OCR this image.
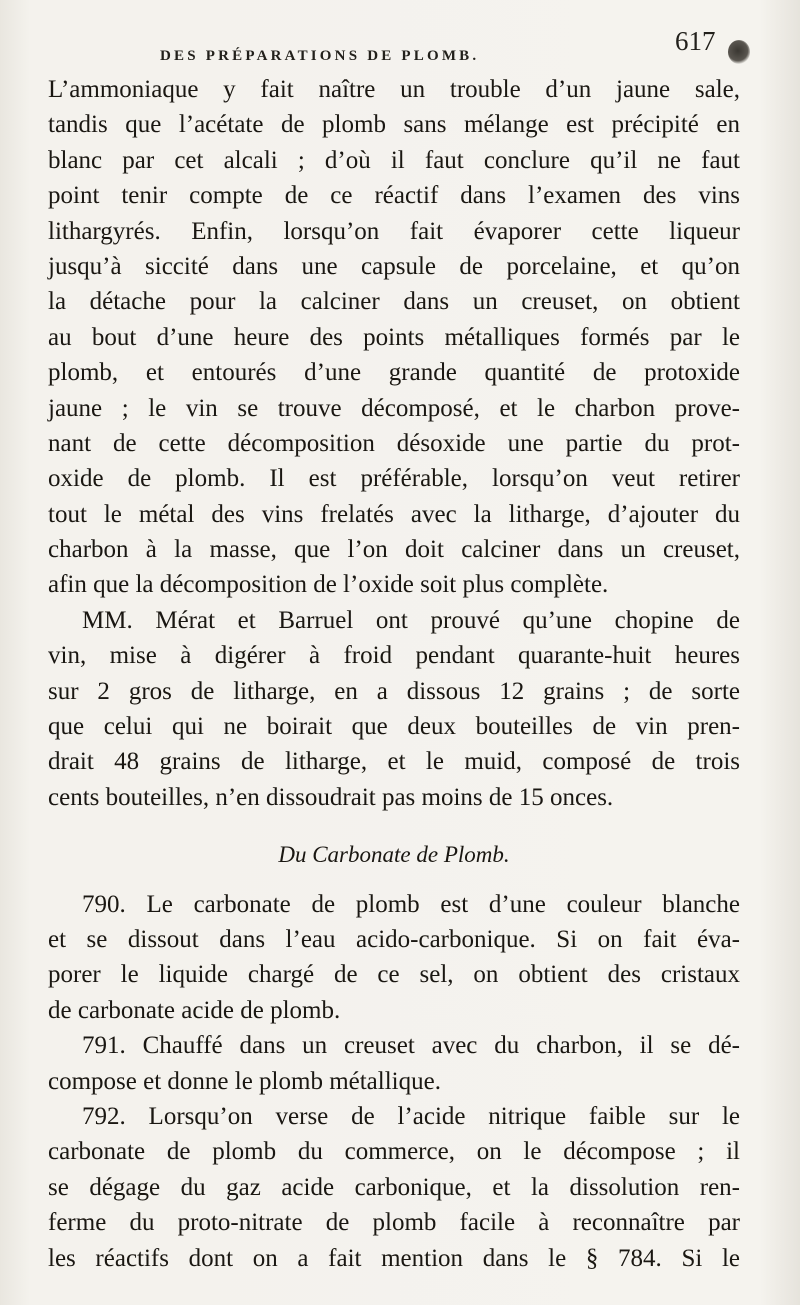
DES PRÉPARATIONS DE PLOMB.	617
L’ammoniaque y fait naître un trouble d’un jaune sale,
tandis que l’acétate de plomb sans mélange est précipité en
blanc par cet alcali ; d’où il faut conclure qu’il ne faut
point tenir compte de ce réactif dans l’examen des vins
lithargyrés. Enfin, lorsqu’on fait évaporer cette liqueur
jusqu’à siccité dans une capsule de porcelaine, et qu’on
la détache pour la calciner dans un creuset, on obtient
au bout d’une heure des points métalliques formés par le
plomb, et entourés d’une grande quantité de protoxide
jaune ; le vin se trouve décomposé, et le charbon prove-
nant de cette décomposition désoxide une partie du prot-
oxide de plomb. Il est préférable, lorsqu’on veut retirer
tout le métal des vins frelatés avec la litharge, d’ajouter du
charbon à la masse, que l’on doit calciner dans un creuset,
afin que la décomposition de l’oxide soit plus complète.
MM. Mérat et Barruel ont prouvé qu’une chopine de
vin, mise à digérer à froid pendant quarante-huit heures
sur 2 gros de litharge, en a dissous 12 grains ; de sorte
que celui qui ne boirait que deux bouteilles de vin pren-
drait 48 grains de litharge, et le muid, composé de trois
cents bouteilles, n’en dissoudrait pas moins de 15 onces.
Du Carbonate de Plomb.
790. Le carbonate de plomb est d’une couleur blanche
et se dissout dans l’eau acido-carbonique. Si on fait éva-
porer le liquide chargé de ce sel, on obtient des cristaux
de carbonate acide de plomb.
791. Chauffé dans un creuset avec du charbon, il se dé-
compose et donne le plomb métallique.
792. Lorsqu’on verse de l’acide nitrique faible sur le
carbonate de plomb du commerce, on le décompose ; il
se dégage du gaz acide carbonique, et la dissolution ren-
ferme du proto-nitrate de plomb facile à reconnaître par
les réactifs dont on a fait mention dans le § 784. Si le
